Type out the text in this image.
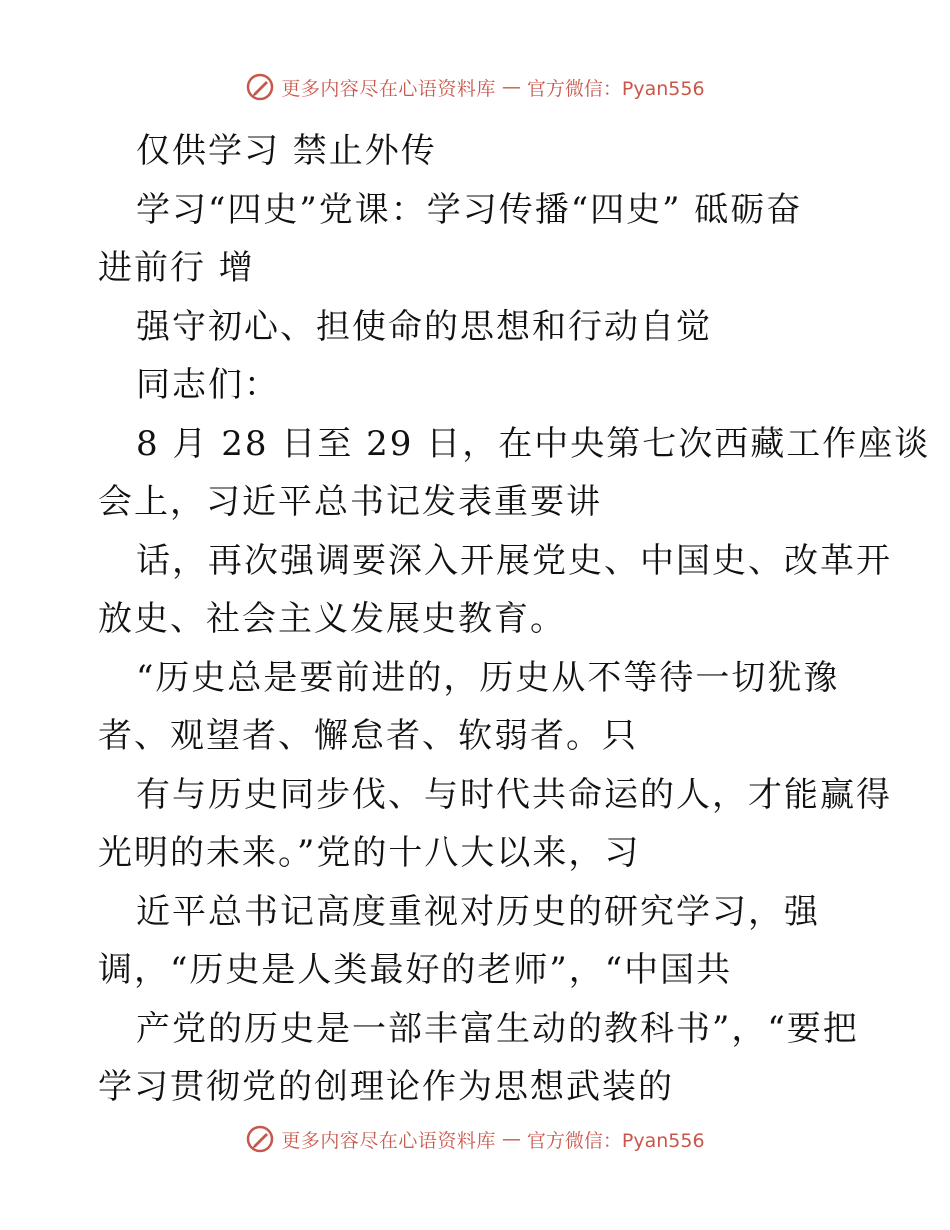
更多内容尽在心语资料库 — 官方微信：Pyan556
仅供学习 禁止外传
学习“四史”党课：学习传播“四史” 砥砺奋
进前行 增
强守初心、担使命的思想和行动自觉
同志们：
8 月 28 日至 29 日，在中央第七次西藏工作座谈
会上，习近平总书记发表重要讲
话，再次强调要深入开展党史、中国史、改革开
放史、社会主义发展史教育。
“历史总是要前进的，历史从不等待一切犹豫
者、观望者、懈怠者、软弱者。只
有与历史同步伐、与时代共命运的人，才能赢得
光明的未来。”党的十八大以来，习
近平总书记高度重视对历史的研究学习，强
调，“历史是人类最好的老师”，“中国共
产党的历史是一部丰富生动的教科书”，“要把
学习贯彻党的创理论作为思想武装的
更多内容尽在心语资料库 — 官方微信：Pyan556
